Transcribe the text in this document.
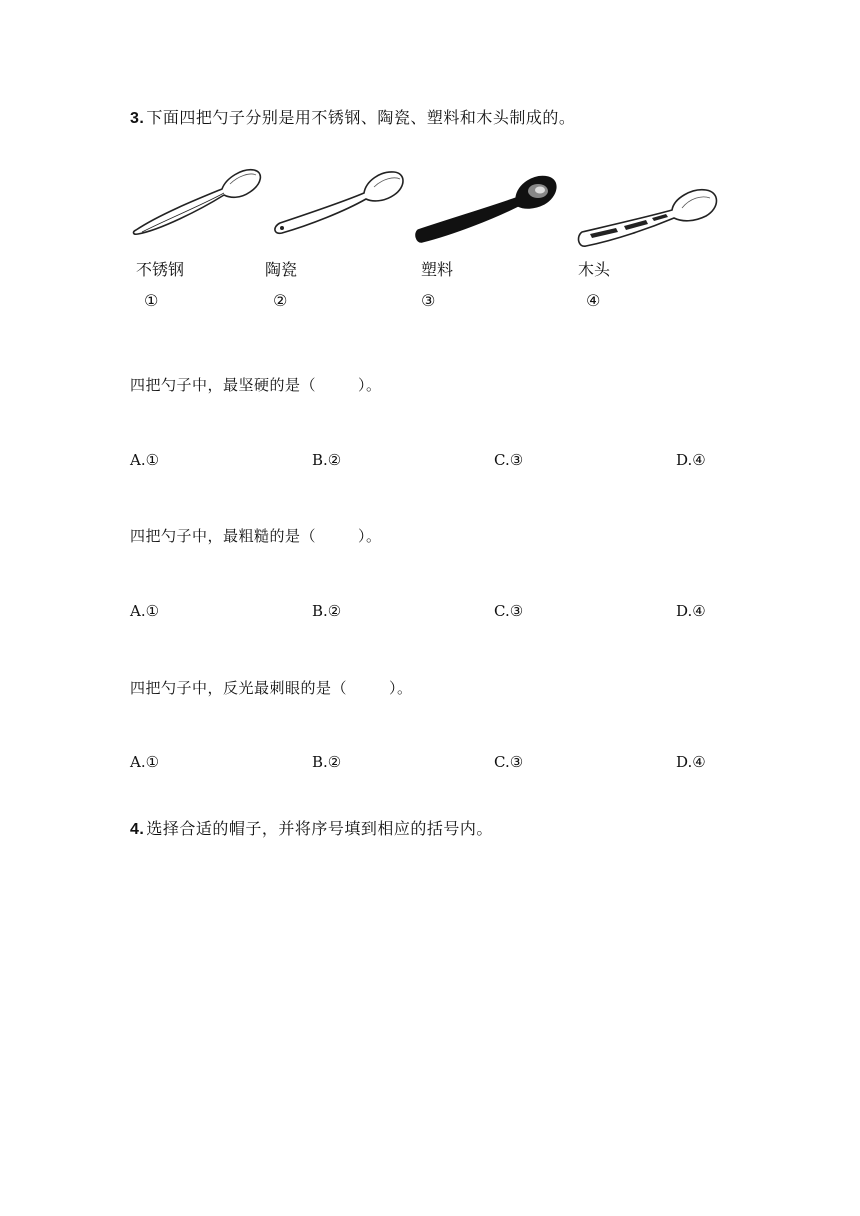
3. 下面四把勺子分别是用不锈钢、陶瓷、塑料和木头制成的。
不锈钢	陶瓷	塑料	木头
①	②	③	④
四把勺子中，最坚硬的是（	）。
A.①	B.②	C.③	D.④
四把勺子中，最粗糙的是（	）。
A.①	B.②	C.③	D.④
四把勺子中，反光最刺眼的是（	）。
A.①	B.②	C.③	D.④
4. 选择合适的帽子，并将序号填到相应的括号内。
